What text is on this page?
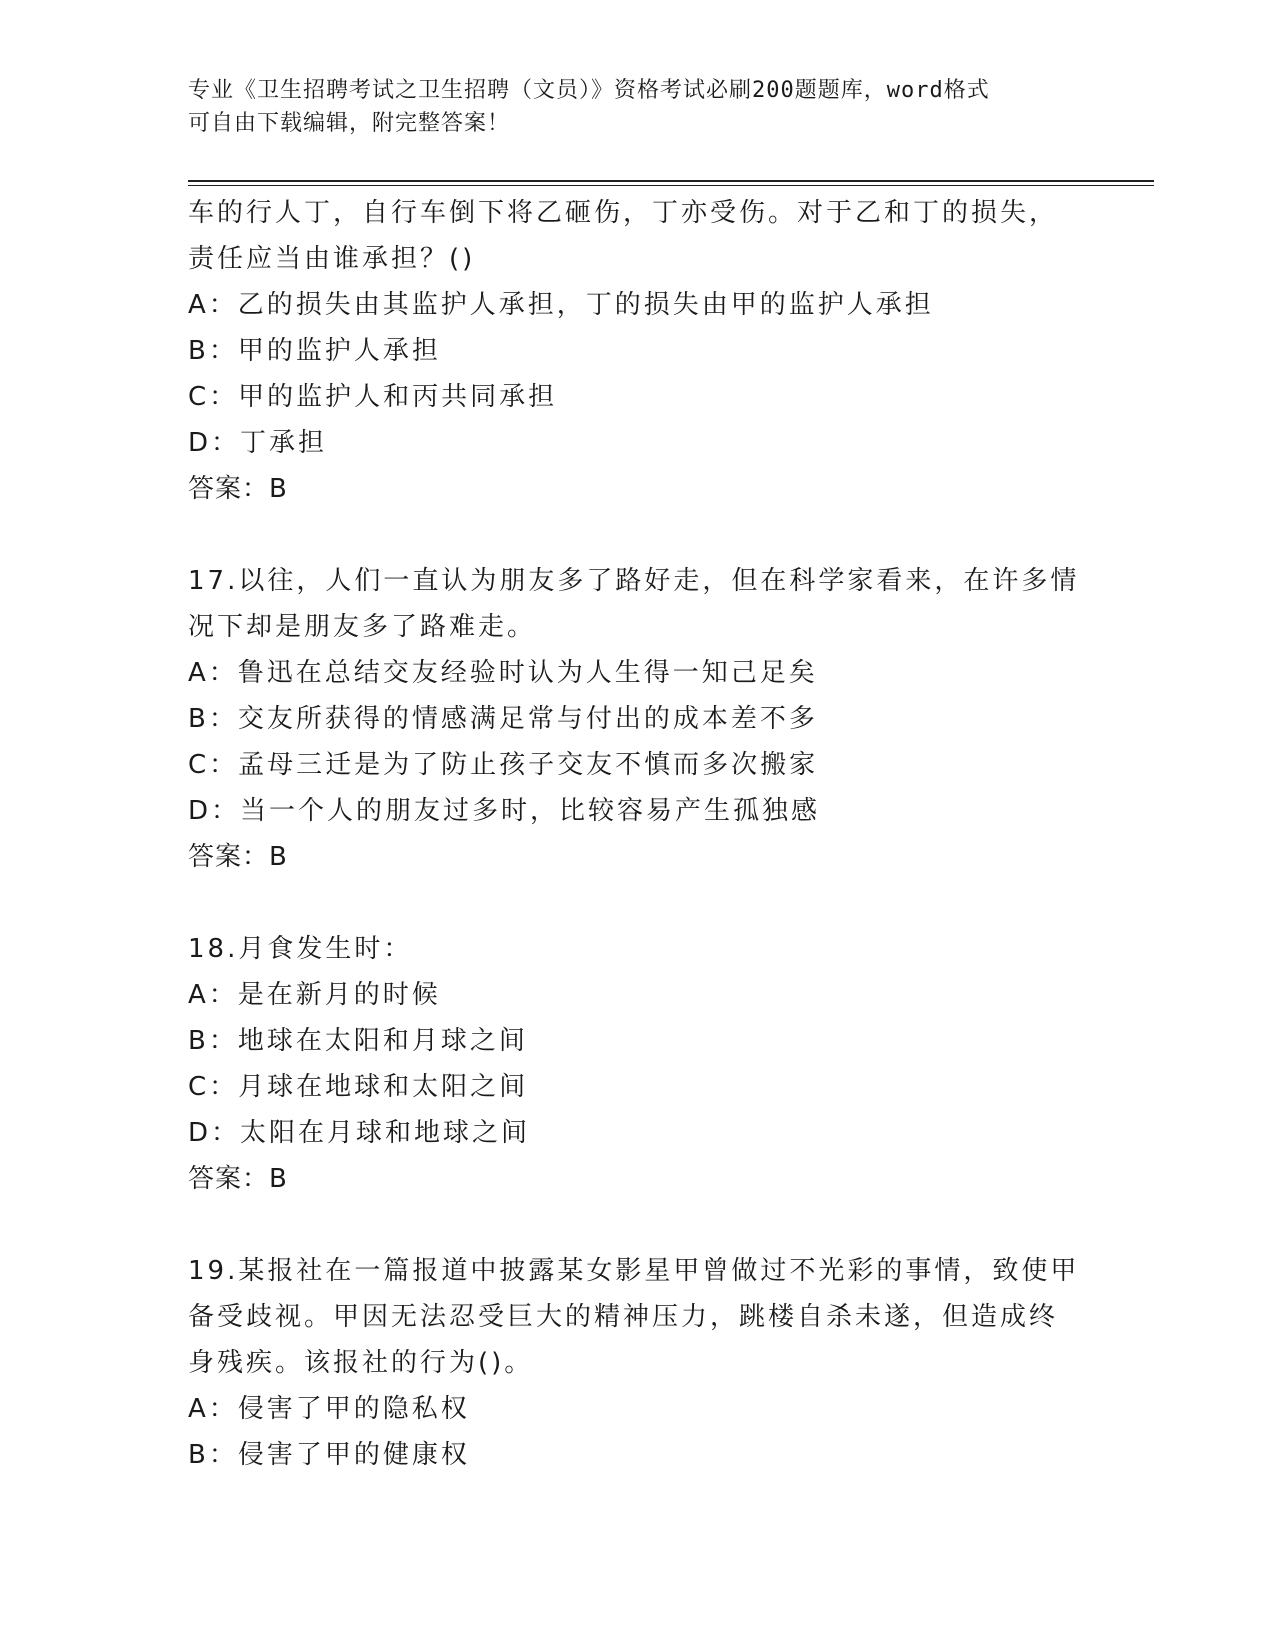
专业《卫生招聘考试之卫生招聘（文员）》资格考试必刷200题题库，word格式
可自由下载编辑，附完整答案！
车的行人丁，自行车倒下将乙砸伤，丁亦受伤。对于乙和丁的损失，
责任应当由谁承担？()
A：乙的损失由其监护人承担，丁的损失由甲的监护人承担
B：甲的监护人承担
C：甲的监护人和丙共同承担
D：丁承担
答案：B
17.以往，人们一直认为朋友多了路好走，但在科学家看来，在许多情
况下却是朋友多了路难走。
A：鲁迅在总结交友经验时认为人生得一知己足矣
B：交友所获得的情感满足常与付出的成本差不多
C：孟母三迁是为了防止孩子交友不慎而多次搬家
D：当一个人的朋友过多时，比较容易产生孤独感
答案：B
18.月食发生时：
A：是在新月的时候
B：地球在太阳和月球之间
C：月球在地球和太阳之间
D：太阳在月球和地球之间
答案：B
19.某报社在一篇报道中披露某女影星甲曾做过不光彩的事情，致使甲
备受歧视。甲因无法忍受巨大的精神压力，跳楼自杀未遂，但造成终
身残疾。该报社的行为()。
A：侵害了甲的隐私权
B：侵害了甲的健康权
